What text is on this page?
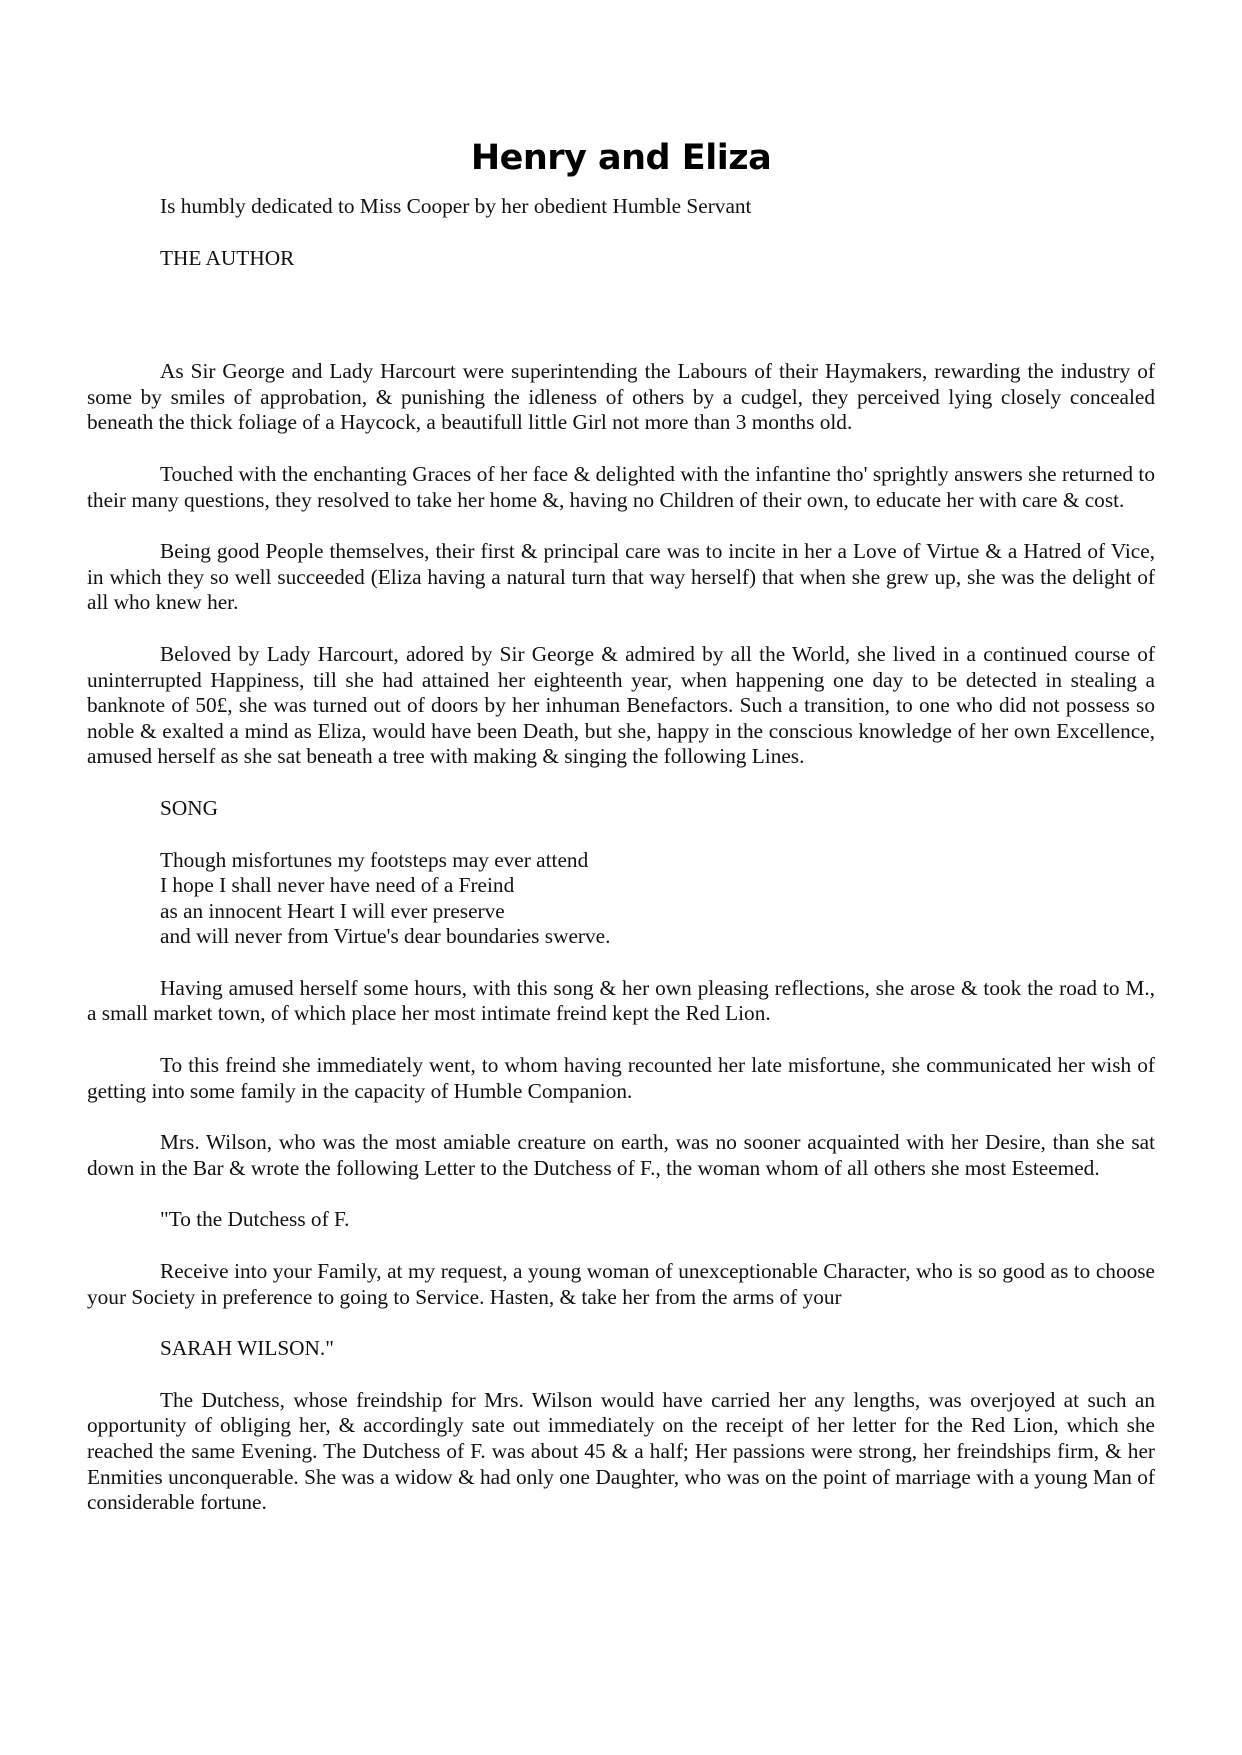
Henry and Eliza

Is humbly dedicated to Miss Cooper by her obedient Humble Servant

THE AUTHOR

As Sir George and Lady Harcourt were superintending the Labours of their Haymakers, rewarding the industry of some by smiles of approbation, & punishing the idleness of others by a cudgel, they perceived lying closely concealed beneath the thick foliage of a Haycock, a beautifull little Girl not more than 3 months old.

Touched with the enchanting Graces of her face & delighted with the infantine tho' sprightly answers she returned to their many questions, they resolved to take her home &, having no Children of their own, to educate her with care & cost.

Being good People themselves, their first & principal care was to incite in her a Love of Virtue & a Hatred of Vice, in which they so well succeeded (Eliza having a natural turn that way herself) that when she grew up, she was the delight of all who knew her.

Beloved by Lady Harcourt, adored by Sir George & admired by all the World, she lived in a continued course of uninterrupted Happiness, till she had attained her eighteenth year, when happening one day to be detected in stealing a banknote of 50£, she was turned out of doors by her inhuman Benefactors. Such a transition, to one who did not possess so noble & exalted a mind as Eliza, would have been Death, but she, happy in the conscious knowledge of her own Excellence, amused herself as she sat beneath a tree with making & singing the following Lines.

SONG

Though misfortunes my footsteps may ever attend
I hope I shall never have need of a Freind
as an innocent Heart I will ever preserve
and will never from Virtue's dear boundaries swerve.

Having amused herself some hours, with this song & her own pleasing reflections, she arose & took the road to M., a small market town, of which place her most intimate freind kept the Red Lion.

To this freind she immediately went, to whom having recounted her late misfortune, she communicated her wish of getting into some family in the capacity of Humble Companion.

Mrs. Wilson, who was the most amiable creature on earth, was no sooner acquainted with her Desire, than she sat down in the Bar & wrote the following Letter to the Dutchess of F., the woman whom of all others she most Esteemed.

"To the Dutchess of F.

Receive into your Family, at my request, a young woman of unexceptionable Character, who is so good as to choose your Society in preference to going to Service. Hasten, & take her from the arms of your

SARAH WILSON."

The Dutchess, whose freindship for Mrs. Wilson would have carried her any lengths, was overjoyed at such an opportunity of obliging her, & accordingly sate out immediately on the receipt of her letter for the Red Lion, which she reached the same Evening. The Dutchess of F. was about 45 & a half; Her passions were strong, her freindships firm, & her Enmities unconquerable. She was a widow & had only one Daughter, who was on the point of marriage with a young Man of considerable fortune.
